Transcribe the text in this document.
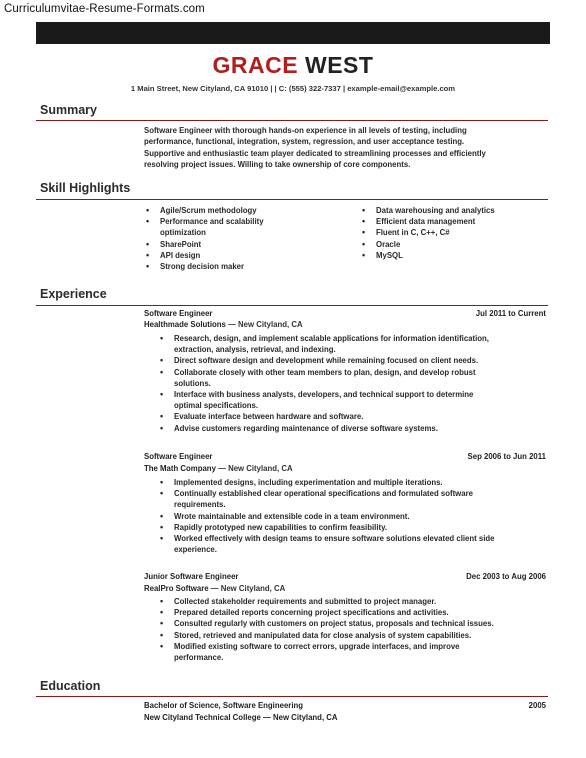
Curriculumvitae-Resume-Formats.com
GRACE WEST
1 Main Street, New Cityland, CA 91010 | | C: (555) 322-7337 | example-email@example.com
Summary
Software Engineer with thorough hands-on experience in all levels of testing, including
performance, functional, integration, system, regression, and user acceptance testing.
Supportive and enthusiastic team player dedicated to streamlining processes and efficiently
resolving project issues. Willing to take ownership of core components.
Skill Highlights
• Agile/Scrum methodology
• Performance and scalability
optimization
• SharePoint
• API design
• Strong decision maker
• Data warehousing and analytics
• Efficient data management
• Fluent in C, C++, C#
• Oracle
• MySQL
Experience
Software Engineer	Jul 2011 to Current
Healthmade Solutions — New Cityland, CA
• Research, design, and implement scalable applications for information identification,
extraction, analysis, retrieval, and indexing.
• Direct software design and development while remaining focused on client needs.
• Collaborate closely with other team members to plan, design, and develop robust
solutions.
• Interface with business analysts, developers, and technical support to determine
optimal specifications.
• Evaluate interface between hardware and software.
• Advise customers regarding maintenance of diverse software systems.
Software Engineer	Sep 2006 to Jun 2011
The Math Company — New Cityland, CA
• Implemented designs, including experimentation and multiple iterations.
• Continually established clear operational specifications and formulated software
requirements.
• Wrote maintainable and extensible code in a team environment.
• Rapidly prototyped new capabilities to confirm feasibility.
• Worked effectively with design teams to ensure software solutions elevated client side
experience.
Junior Software Engineer	Dec 2003 to Aug 2006
RealPro Software — New Cityland, CA
• Collected stakeholder requirements and submitted to project manager.
• Prepared detailed reports concerning project specifications and activities.
• Consulted regularly with customers on project status, proposals and technical issues.
• Stored, retrieved and manipulated data for close analysis of system capabilities.
• Modified existing software to correct errors, upgrade interfaces, and improve
performance.
Education
Bachelor of Science, Software Engineering	2005
New Cityland Technical College — New Cityland, CA
